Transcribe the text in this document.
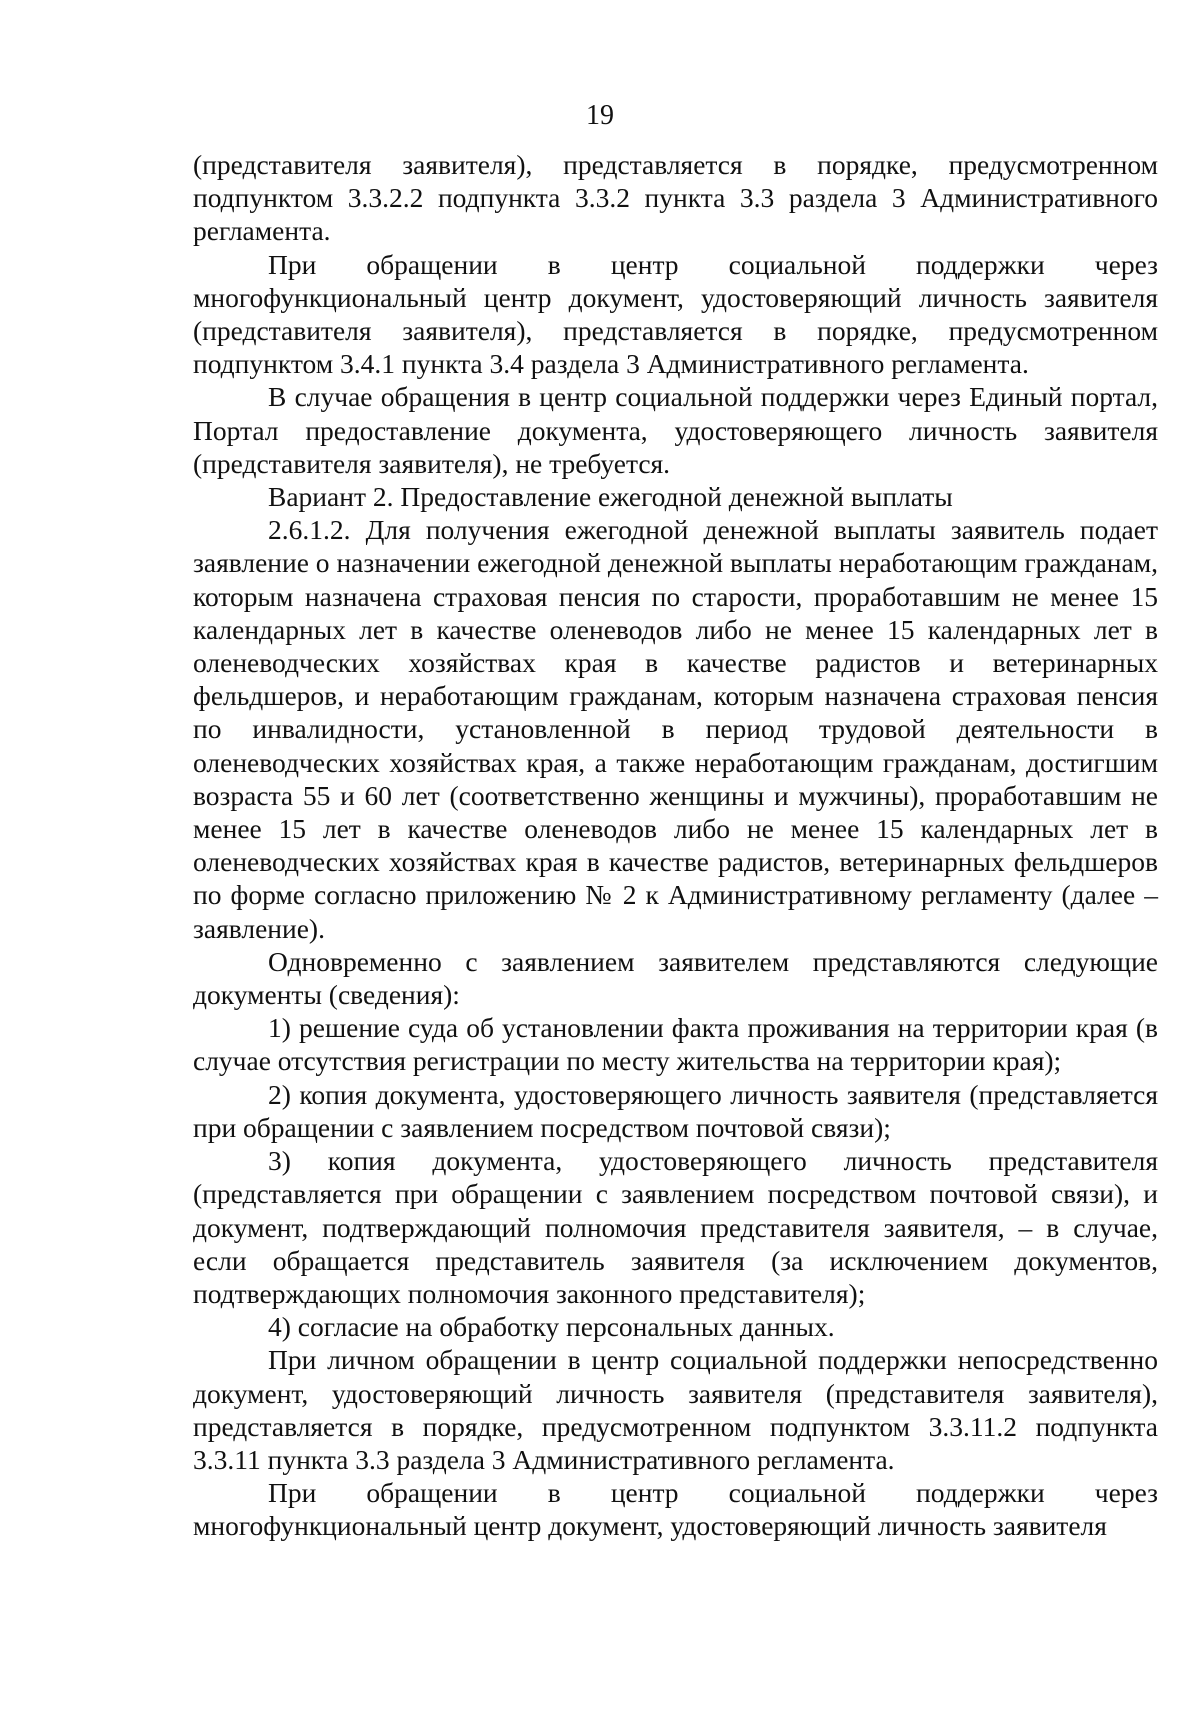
19

(представителя заявителя), представляется в порядке, предусмотренном подпунктом 3.3.2.2 подпункта 3.3.2 пункта 3.3 раздела 3 Административного регламента.

При обращении в центр социальной поддержки через многофункциональный центр документ, удостоверяющий личность заявителя (представителя заявителя), представляется в порядке, предусмотренном подпунктом 3.4.1 пункта 3.4 раздела 3 Административного регламента.

В случае обращения в центр социальной поддержки через Единый портал, Портал предоставление документа, удостоверяющего личность заявителя (представителя заявителя), не требуется.

Вариант 2. Предоставление ежегодной денежной выплаты

2.6.1.2. Для получения ежегодной денежной выплаты заявитель подает заявление о назначении ежегодной денежной выплаты неработающим гражданам, которым назначена страховая пенсия по старости, проработавшим не менее 15 календарных лет в качестве оленеводов либо не менее 15 календарных лет в оленеводческих хозяйствах края в качестве радистов и ветеринарных фельдшеров, и неработающим гражданам, которым назначена страховая пенсия по инвалидности, установленной в период трудовой деятельности в оленеводческих хозяйствах края, а также неработающим гражданам, достигшим возраста 55 и 60 лет (соответственно женщины и мужчины), проработавшим не менее 15 лет в качестве оленеводов либо не менее 15 календарных лет в оленеводческих хозяйствах края в качестве радистов, ветеринарных фельдшеров по форме согласно приложению № 2 к Административному регламенту (далее – заявление).

Одновременно с заявлением заявителем представляются следующие документы (сведения):

1) решение суда об установлении факта проживания на территории края (в случае отсутствия регистрации по месту жительства на территории края);

2) копия документа, удостоверяющего личность заявителя (представляется при обращении с заявлением посредством почтовой связи);

3) копия документа, удостоверяющего личность представителя (представляется при обращении с заявлением посредством почтовой связи), и документ, подтверждающий полномочия представителя заявителя, – в случае, если обращается представитель заявителя (за исключением документов, подтверждающих полномочия законного представителя);

4) согласие на обработку персональных данных.

При личном обращении в центр социальной поддержки непосредственно документ, удостоверяющий личность заявителя (представителя заявителя), представляется в порядке, предусмотренном подпунктом 3.3.11.2 подпункта 3.3.11 пункта 3.3 раздела 3 Административного регламента.

При обращении в центр социальной поддержки через многофункциональный центр документ, удостоверяющий личность заявителя
